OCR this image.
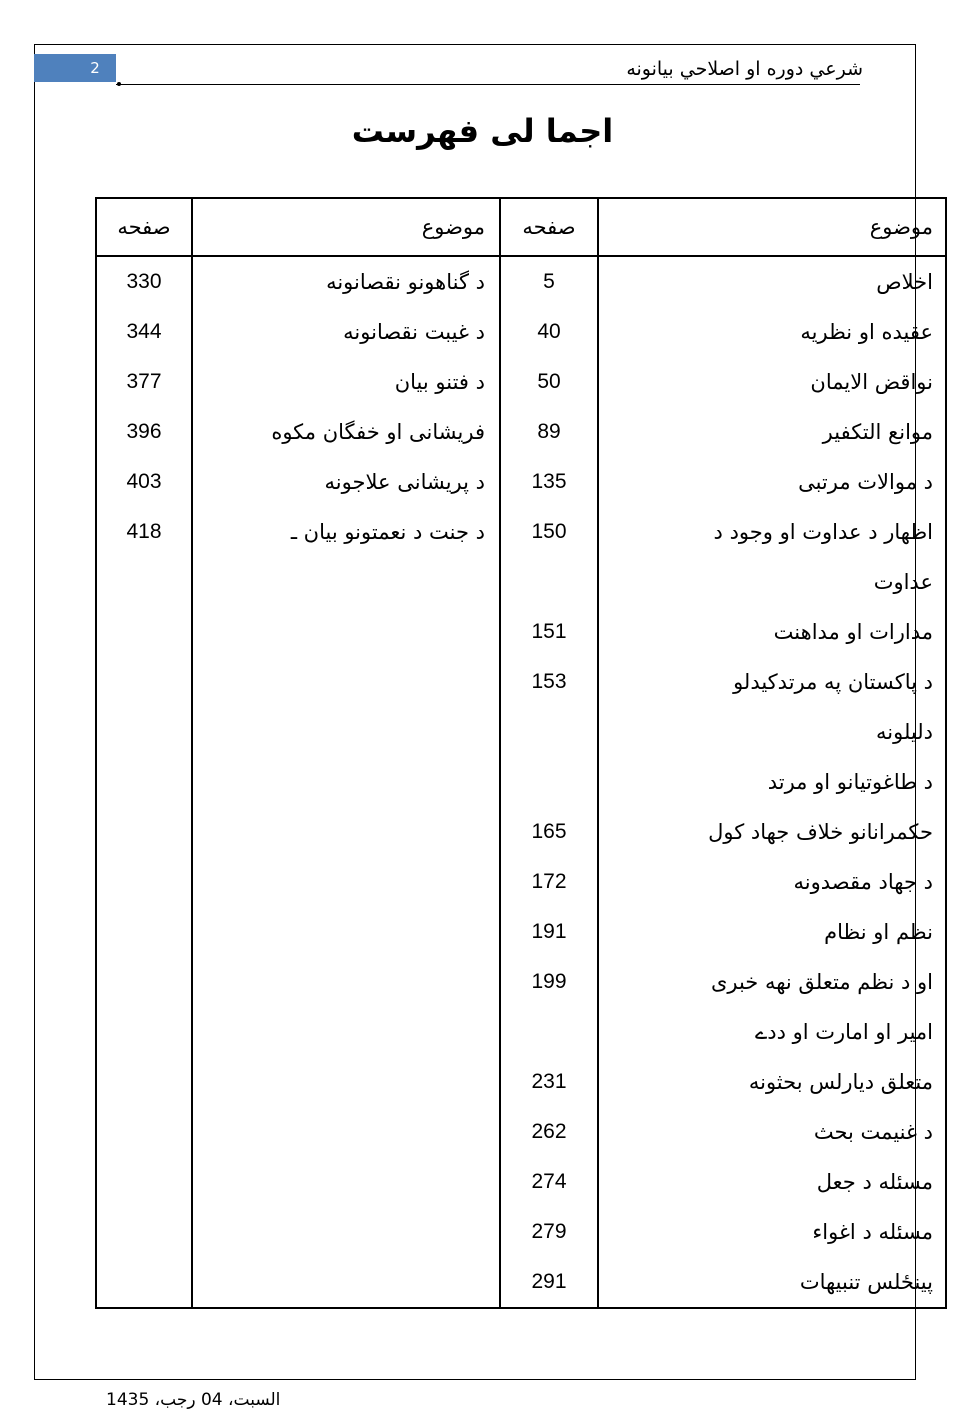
2	شرعي دوره او اصلاحي بيانونه
اجما لی فهرست
موضوع	صفحه	موضوع	صفحه
اخلاص	5	د گناهونو نقصانونه	330
عقيده او نظريه	40	د غيبت نقصانونه	344
نواقض الايمان	50	د فتنو بيان	377
موانع التکفير	89	فريشانی او خفگان مکوه	396
د موالات مرتبی	135	د پريشانی علاجونه	403
اظهار د عداوت او وجود د	150	د جنت د نعمتونو بيان ـ	418
عداوت			
مدارات او مداهنت	151		
د پاکستان په مرتدکيدلو	153		
دليلونه			
د طاغوتيانو او مرتد			
حکمرانانو خلاف جهاد کول	165		
د جهاد مقصدونه	172		
نظم او نظام	191		
او د نظم متعلق نهه خبری	199		
امير او امارت او ددے			
متعلق ديارلس بحثونه	231		
د غنيمت بحث	262		
مسئله د جعل	274		
مسئله د اغواء	279		
پينځلس تنبيهات	291		

السبت، 04 رجب، 1435
